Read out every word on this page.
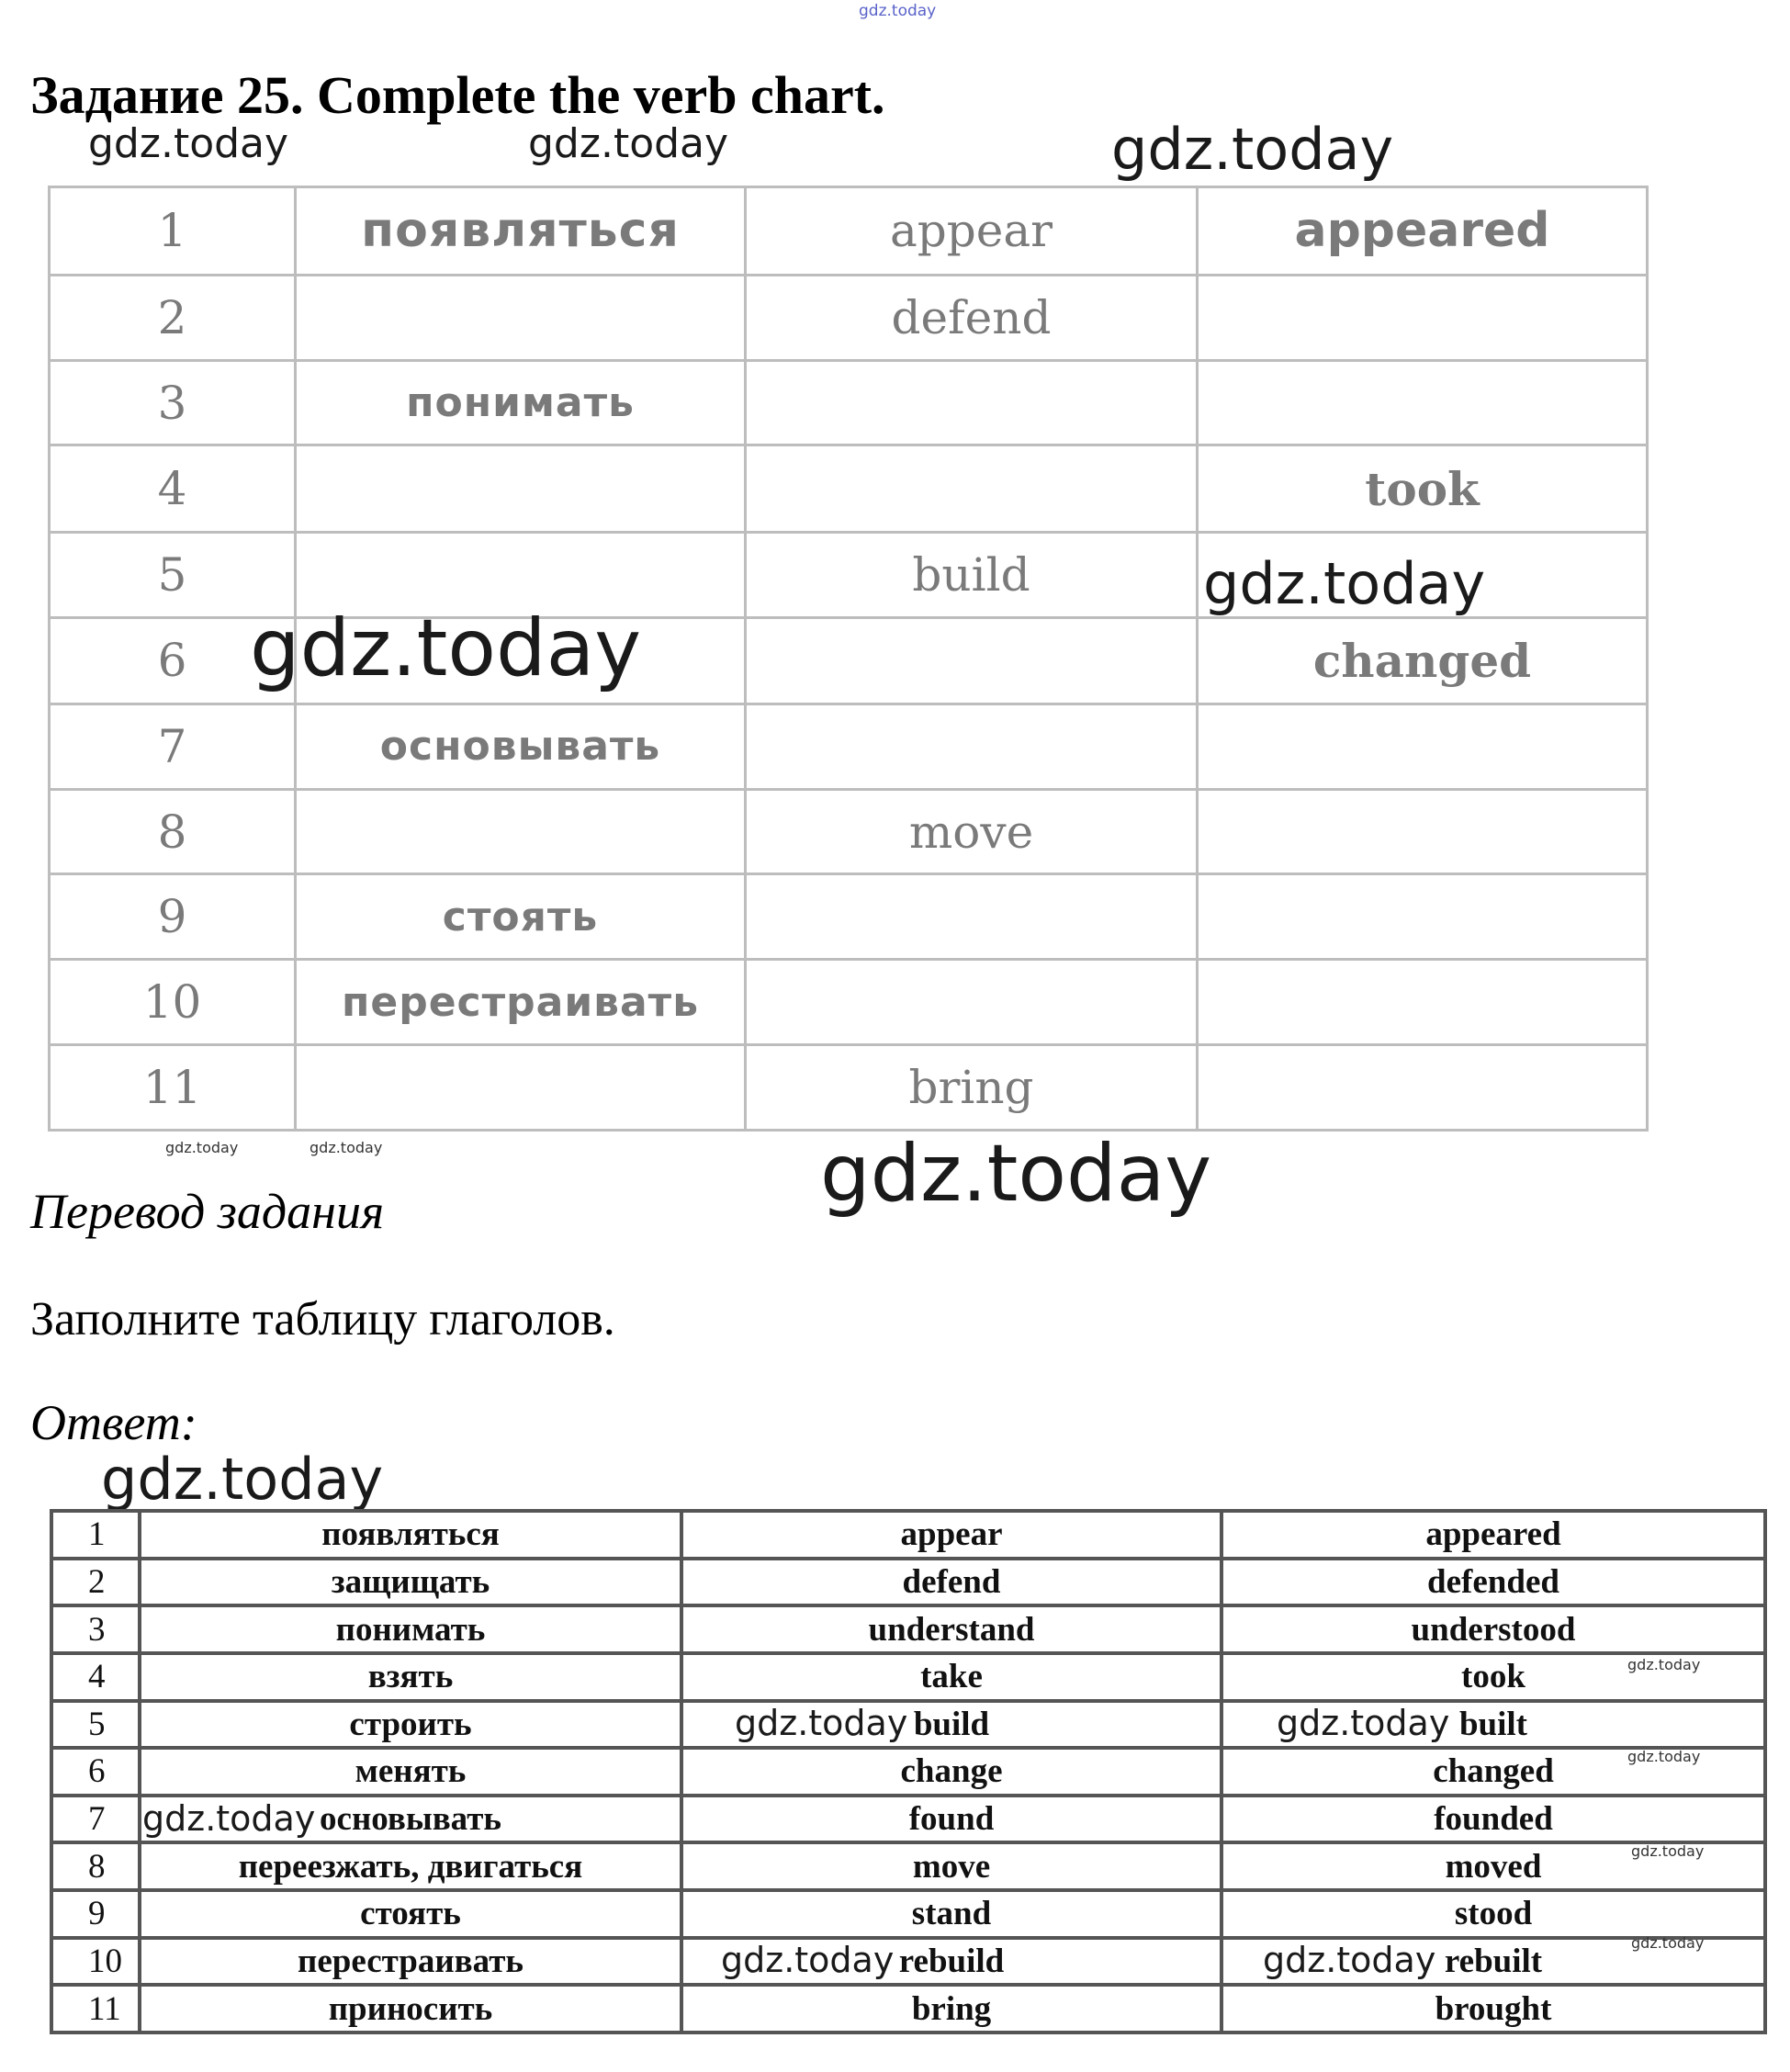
gdz.today
gdz.today	gdz.today	gdz.today
gdz.today
gdz.today
gdz.today	gdz.today	gdz.today
gdz.today
Задание 25. Complete the verb chart.
1	появляться	appear	appeared
2		defend	
3	понимать		
4			took
5		build	
6			changed
7	основывать		
8		move	
9	стоять		
10	перестраивать		
11		bring	
Перевод задания
Заполните таблицу глаголов.
Ответ:
1	появляться	appear	appeared
2	защищать	defend	defended
3	понимать	understand	understood
4	взять	take	took
5	строить	build	built
6	менять	change	changed
7	основывать	found	founded
8	переезжать, двигаться	move	moved
9	стоять	stand	stood
10	перестраивать	rebuild	rebuilt
11	приносить	bring	brought
gdz.today	gdz.today
gdz.today
gdz.today	gdz.today
gdz.today
gdz.today
gdz.today
gdz.today
